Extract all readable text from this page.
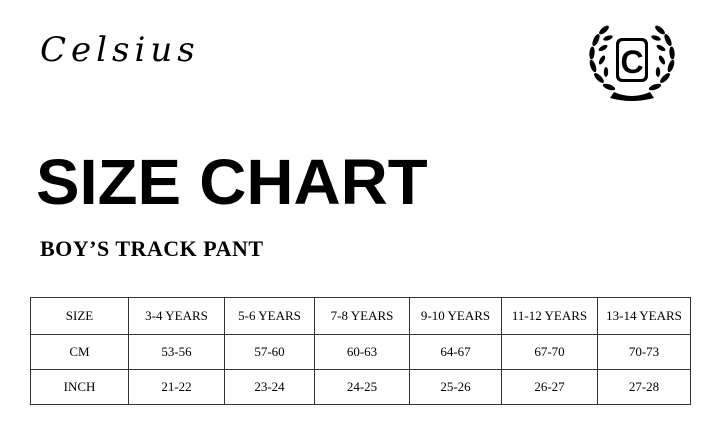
Celsius	C
SIZE CHART
BOY’S TRACK PANT
SIZE	3-4 YEARS	5-6 YEARS	7-8 YEARS	9-10 YEARS	11-12 YEARS	13-14 YEARS
CM	53-56	57-60	60-63	64-67	67-70	70-73
INCH	21-22	23-24	24-25	25-26	26-27	27-28
